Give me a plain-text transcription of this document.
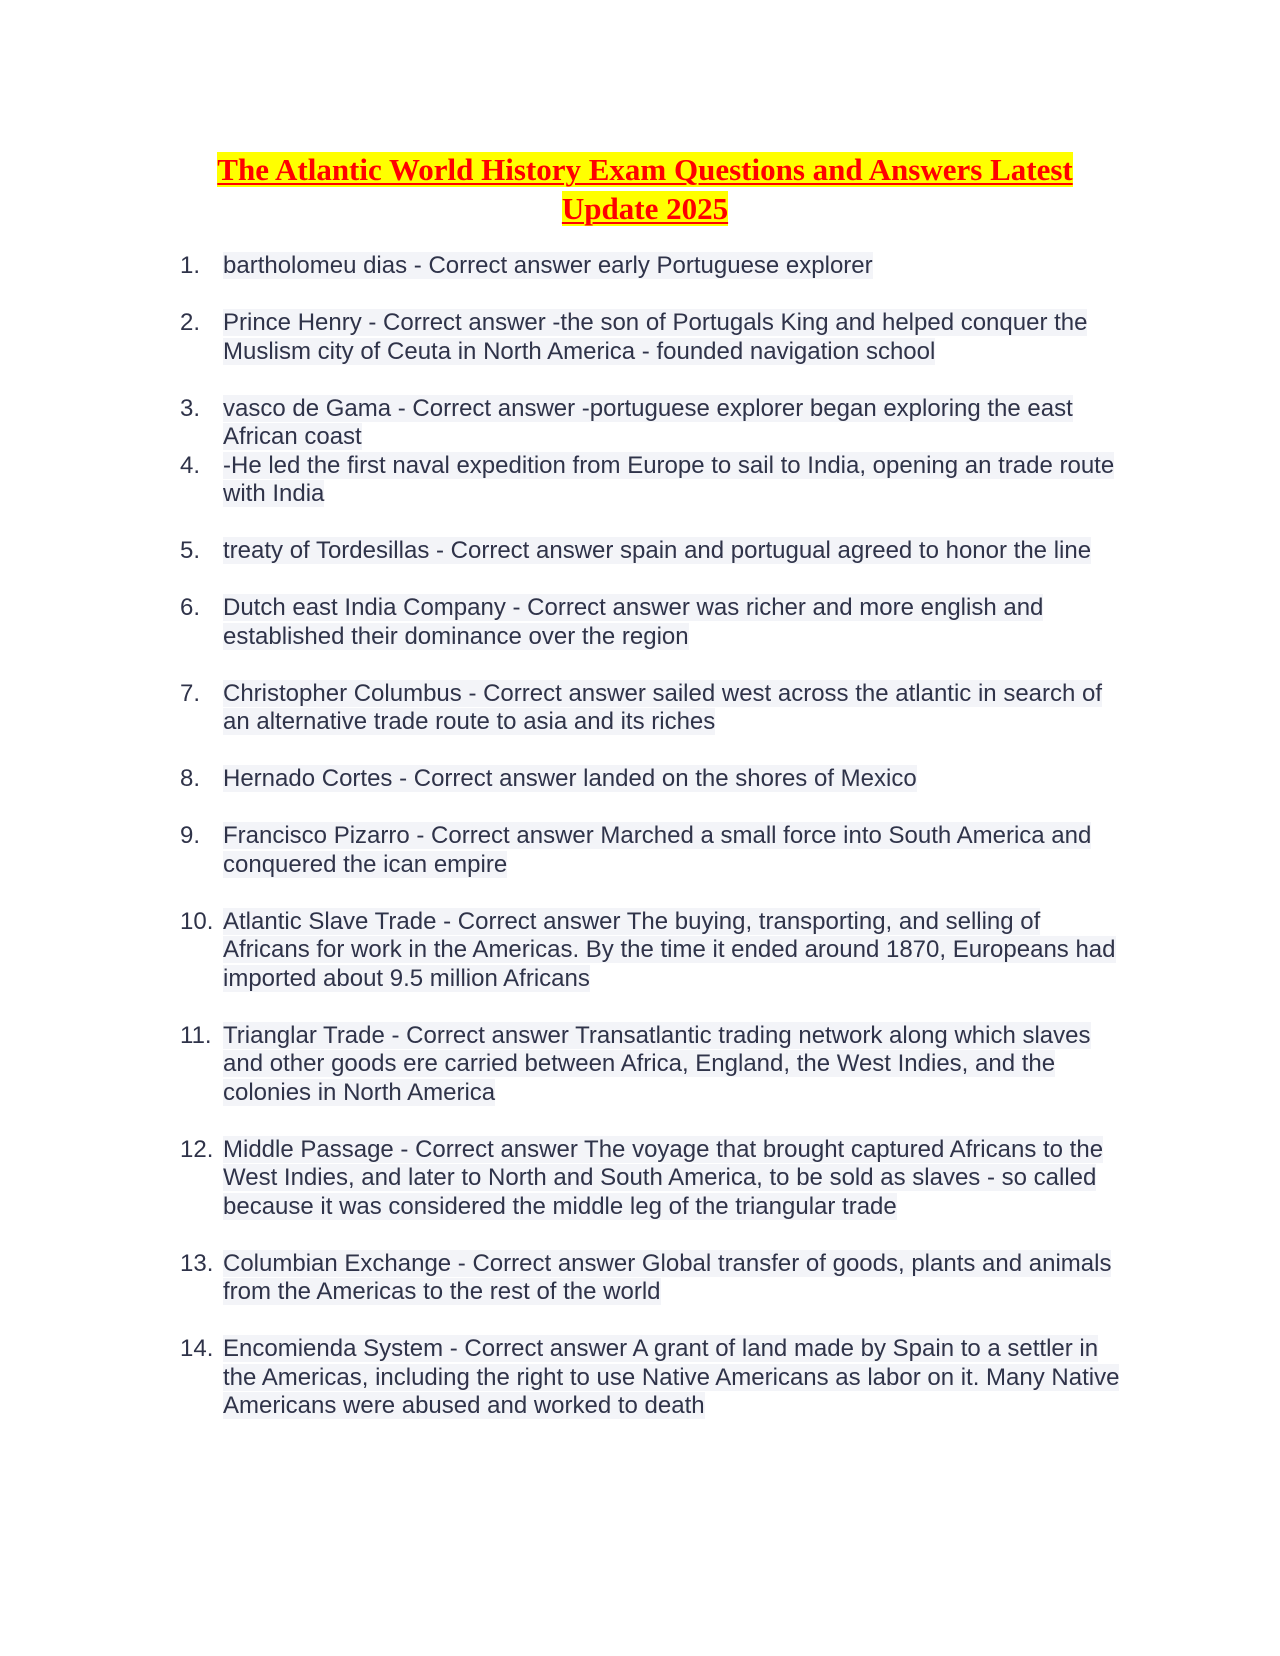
The Atlantic World History Exam Questions and Answers Latest
Update 2025
1. bartholomeu dias - Correct answer early Portuguese explorer
2. Prince Henry - Correct answer -the son of Portugals King and helped conquer the Muslism city of Ceuta in North America - founded navigation school
3. vasco de Gama - Correct answer -portuguese explorer began exploring the east African coast
4. -He led the first naval expedition from Europe to sail to India, opening an trade route with India
5. treaty of Tordesillas - Correct answer spain and portugual agreed to honor the line
6. Dutch east India Company - Correct answer was richer and more english and established their dominance over the region
7. Christopher Columbus - Correct answer sailed west across the atlantic in search of an alternative trade route to asia and its riches
8. Hernado Cortes - Correct answer landed on the shores of Mexico
9. Francisco Pizarro - Correct answer Marched a small force into South America and conquered the ican empire
10. Atlantic Slave Trade - Correct answer The buying, transporting, and selling of Africans for work in the Americas. By the time it ended around 1870, Europeans had imported about 9.5 million Africans
11. Trianglar Trade - Correct answer Transatlantic trading network along which slaves and other goods ere carried between Africa, England, the West Indies, and the colonies in North America
12. Middle Passage - Correct answer The voyage that brought captured Africans to the West Indies, and later to North and South America, to be sold as slaves - so called because it was considered the middle leg of the triangular trade
13. Columbian Exchange - Correct answer Global transfer of goods, plants and animals from the Americas to the rest of the world
14. Encomienda System - Correct answer A grant of land made by Spain to a settler in the Americas, including the right to use Native Americans as labor on it. Many Native Americans were abused and worked to death
